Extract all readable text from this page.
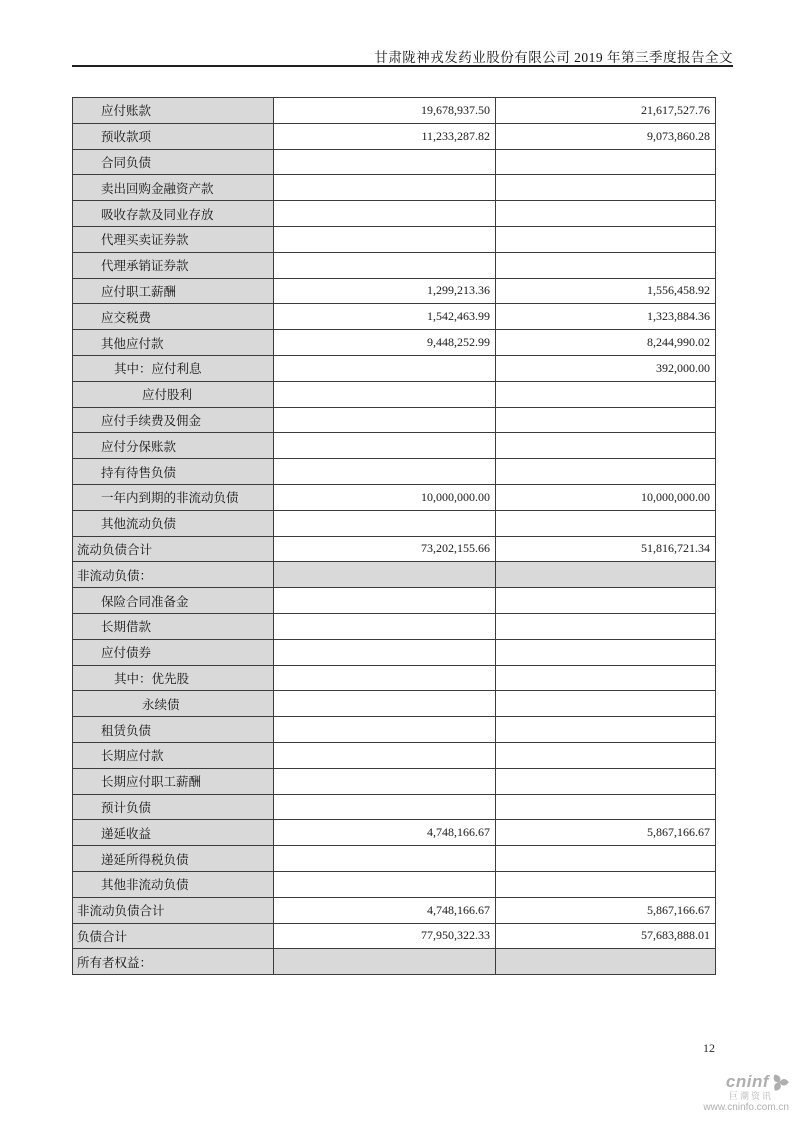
甘肃陇神戎发药业股份有限公司 2019 年第三季度报告全文
应付账款	19,678,937.50	21,617,527.76
预收款项	11,233,287.82	9,073,860.28
合同负债		
卖出回购金融资产款		
吸收存款及同业存放		
代理买卖证券款		
代理承销证券款		
应付职工薪酬	1,299,213.36	1,556,458.92
应交税费	1,542,463.99	1,323,884.36
其他应付款	9,448,252.99	8,244,990.02
其中：应付利息		392,000.00
应付股利		
应付手续费及佣金		
应付分保账款		
持有待售负债		
一年内到期的非流动负债	10,000,000.00	10,000,000.00
其他流动负债		
流动负债合计	73,202,155.66	51,816,721.34
非流动负债：		
保险合同准备金		
长期借款		
应付债券		
其中：优先股		
永续债		
租赁负债		
长期应付款		
长期应付职工薪酬		
预计负债		
递延收益	4,748,166.67	5,867,166.67
递延所得税负债		
其他非流动负债		
非流动负债合计	4,748,166.67	5,867,166.67
负债合计	77,950,322.33	57,683,888.01
所有者权益：		
12
cninf
巨潮资讯
www.cninfo.com.cn
